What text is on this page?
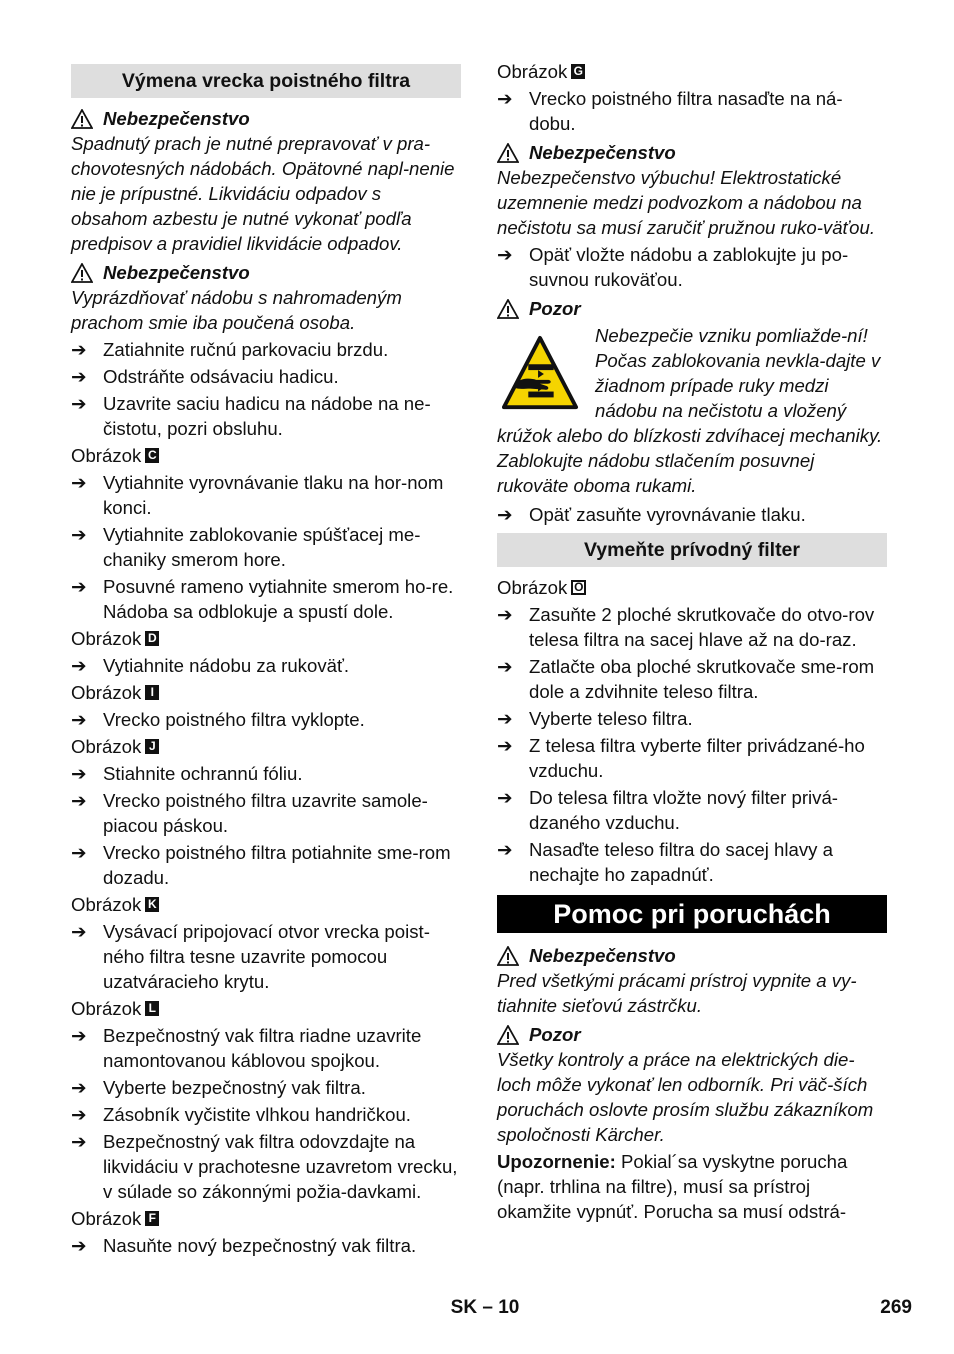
Výmena vrecka poistného filtra
Nebezpečenstvo
Spadnutý prach je nutné prepravovať v pra-chovotesných nádobách. Opätovné napl-nenie nie je prípustné. Likvidáciu odpadov s obsahom azbestu je nutné vykonať podľa predpisov a pravidiel likvidácie odpadov.
Nebezpečenstvo
Vyprázdňovať nádobu s nahromadeným prachom smie iba poučená osoba.
➔ Zatiahnite ručnú parkovaciu brzdu.
➔ Odstráňte odsávaciu hadicu.
➔ Uzavrite saciu hadicu na nádobe na ne-čistotu, pozri obsluhu.
Obrázok C
➔ Vytiahnite vyrovnávanie tlaku na hor-nom konci.
➔ Vytiahnite zablokovanie spúšťacej me-chaniky smerom hore.
➔ Posuvné rameno vytiahnite smerom ho-re. Nádoba sa odblokuje a spustí dole.
Obrázok D
➔ Vytiahnite nádobu za rukoväť.
Obrázok I
➔ Vrecko poistného filtra vyklopte.
Obrázok J
➔ Stiahnite ochrannú fóliu.
➔ Vrecko poistného filtra uzavrite samole-piacou páskou.
➔ Vrecko poistného filtra potiahnite sme-rom dozadu.
Obrázok K
➔ Vysávací pripojovací otvor vrecka poist-ného filtra tesne uzavrite pomocou uzatváracieho krytu.
Obrázok L
➔ Bezpečnostný vak filtra riadne uzavrite namontovanou káblovou spojkou.
➔ Vyberte bezpečnostný vak filtra.
➔ Zásobník vyčistite vlhkou handričkou.
➔ Bezpečnostný vak filtra odovzdajte na likvidáciu v prachotesne uzavretom vrecku, v súlade so zákonnými požia-davkami.
Obrázok F
➔ Nasuňte nový bezpečnostný vak filtra.
Obrázok G
➔ Vrecko poistného filtra nasaďte na ná-dobu.
Nebezpečenstvo
Nebezpečenstvo výbuchu! Elektrostatické uzemnenie medzi podvozkom a nádobou na nečistotu sa musí zaručiť pružnou ruko-väťou.
➔ Opäť vložte nádobu a zablokujte ju po-suvnou rukoväťou.
Pozor
Nebezpečie vzniku pomliažde-ní! Počas zablokovania nevkla-dajte v žiadnom prípade ruky medzi nádobu na nečistotu a vložený krúžok alebo do blízkosti zdvíhacej mechaniky. Zablokujte nádobu stlačením posuvnej rukoväte oboma rukami.
➔ Opäť zasuňte vyrovnávanie tlaku.
Vymeňte prívodný filter
Obrázok O
➔ Zasuňte 2 ploché skrutkovače do otvo-rov telesa filtra na sacej hlave až na do-raz.
➔ Zatlačte oba ploché skrutkovače sme-rom dole a zdvihnite teleso filtra.
➔ Vyberte teleso filtra.
➔ Z telesa filtra vyberte filter privádzané-ho vzduchu.
➔ Do telesa filtra vložte nový filter privá-dzaného vzduchu.
➔ Nasaďte teleso filtra do sacej hlavy a nechajte ho zapadnúť.
Pomoc pri poruchách
Nebezpečenstvo
Pred všetkými prácami prístroj vypnite a vy-tiahnite sieťovú zástrčku.
Pozor
Všetky kontroly a práce na elektrických die-loch môže vykonať len odborník. Pri väč-ších poruchách oslovte prosím službu zákazníkom spoločnosti Kärcher.
Upozornenie: Pokial´sa vyskytne porucha (napr. trhlina na filtre), musí sa prístroj okamžite vypnúť. Porucha sa musí odstrá-
SK – 10	269
